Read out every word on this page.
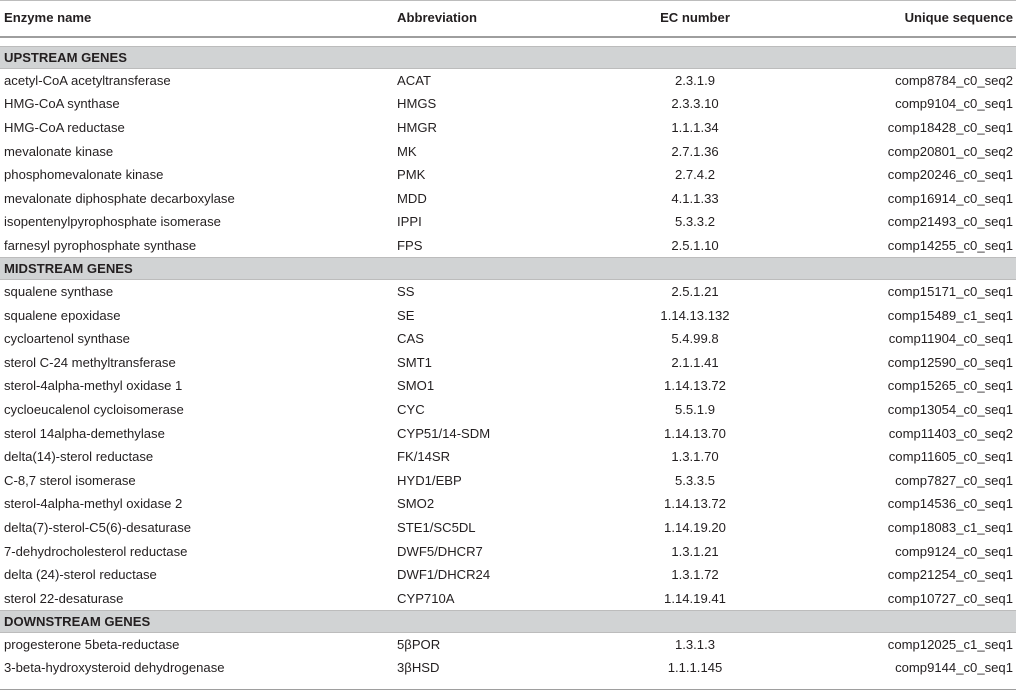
Enzyme name	Abbreviation	EC number	Unique sequence
UPSTREAM GENES
acetyl-CoA acetyltransferase	ACAT	2.3.1.9	comp8784_c0_seq2
HMG-CoA synthase	HMGS	2.3.3.10	comp9104_c0_seq1
HMG-CoA reductase	HMGR	1.1.1.34	comp18428_c0_seq1
mevalonate kinase	MK	2.7.1.36	comp20801_c0_seq2
phosphomevalonate kinase	PMK	2.7.4.2	comp20246_c0_seq1
mevalonate diphosphate decarboxylase	MDD	4.1.1.33	comp16914_c0_seq1
isopentenylpyrophosphate isomerase	IPPI	5.3.3.2	comp21493_c0_seq1
farnesyl pyrophosphate synthase	FPS	2.5.1.10	comp14255_c0_seq1
MIDSTREAM GENES
squalene synthase	SS	2.5.1.21	comp15171_c0_seq1
squalene epoxidase	SE	1.14.13.132	comp15489_c1_seq1
cycloartenol synthase	CAS	5.4.99.8	comp11904_c0_seq1
sterol C-24 methyltransferase	SMT1	2.1.1.41	comp12590_c0_seq1
sterol-4alpha-methyl oxidase 1	SMO1	1.14.13.72	comp15265_c0_seq1
cycloeucalenol cycloisomerase	CYC	5.5.1.9	comp13054_c0_seq1
sterol 14alpha-demethylase	CYP51/14-SDM	1.14.13.70	comp11403_c0_seq2
delta(14)-sterol reductase	FK/14SR	1.3.1.70	comp11605_c0_seq1
C-8,7 sterol isomerase	HYD1/EBP	5.3.3.5	comp7827_c0_seq1
sterol-4alpha-methyl oxidase 2	SMO2	1.14.13.72	comp14536_c0_seq1
delta(7)-sterol-C5(6)-desaturase	STE1/SC5DL	1.14.19.20	comp18083_c1_seq1
7-dehydrocholesterol reductase	DWF5/DHCR7	1.3.1.21	comp9124_c0_seq1
delta (24)-sterol reductase	DWF1/DHCR24	1.3.1.72	comp21254_c0_seq1
sterol 22-desaturase	CYP710A	1.14.19.41	comp10727_c0_seq1
DOWNSTREAM GENES
progesterone 5beta-reductase	5βPOR	1.3.1.3	comp12025_c1_seq1
3-beta-hydroxysteroid dehydrogenase	3βHSD	1.1.1.145	comp9144_c0_seq1
